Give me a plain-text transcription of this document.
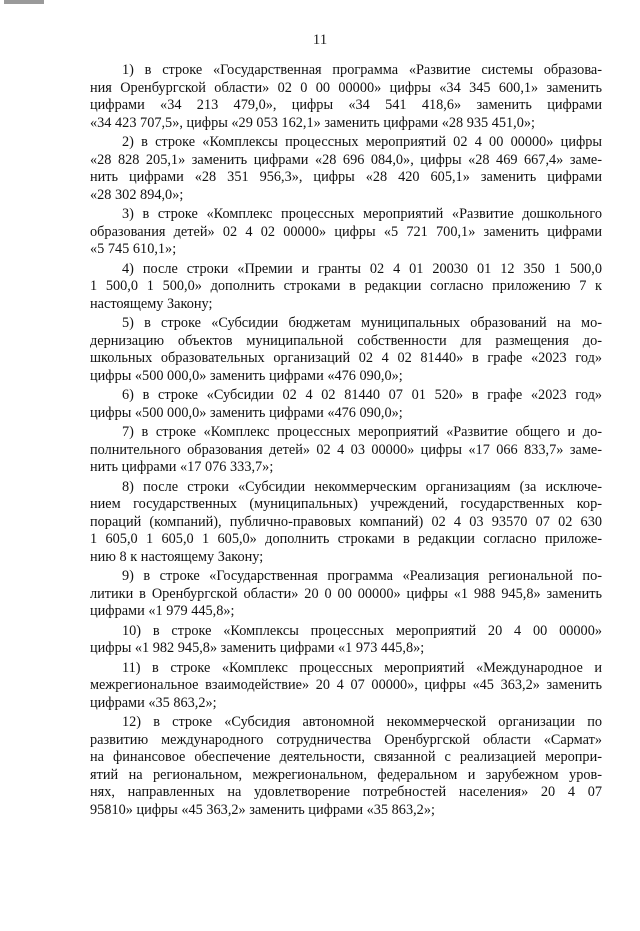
11
1) в строке «Государственная программа «Развитие системы образова-
ния Оренбургской области» 02 0 00 00000» цифры «34 345 600,1» заменить
цифрами «34 213 479,0», цифры «34 541 418,6» заменить цифрами
«34 423 707,5», цифры «29 053 162,1» заменить цифрами «28 935 451,0»;
2) в строке «Комплексы процессных мероприятий 02 4 00 00000» цифры
«28 828 205,1» заменить цифрами «28 696 084,0», цифры «28 469 667,4» заме-
нить цифрами «28 351 956,3», цифры «28 420 605,1» заменить цифрами
«28 302 894,0»;
3) в строке «Комплекс процессных мероприятий «Развитие дошкольного
образования детей» 02 4 02 00000» цифры «5 721 700,1» заменить цифрами
«5 745 610,1»;
4) после строки «Премии и гранты 02 4 01 20030 01 12 350 1 500,0
1 500,0 1 500,0» дополнить строками в редакции согласно приложению 7 к
настоящему Закону;
5) в строке «Субсидии бюджетам муниципальных образований на мо-
дернизацию объектов муниципальной собственности для размещения до-
школьных образовательных организаций 02 4 02 81440» в графе «2023 год»
цифры «500 000,0» заменить цифрами «476 090,0»;
6) в строке «Субсидии 02 4 02 81440 07 01 520» в графе «2023 год»
цифры «500 000,0» заменить цифрами «476 090,0»;
7) в строке «Комплекс процессных мероприятий «Развитие общего и до-
полнительного образования детей» 02 4 03 00000» цифры «17 066 833,7» заме-
нить цифрами «17 076 333,7»;
8) после строки «Субсидии некоммерческим организациям (за исключе-
нием государственных (муниципальных) учреждений, государственных кор-
пораций (компаний), публично-правовых компаний) 02 4 03 93570 07 02 630
1 605,0 1 605,0 1 605,0» дополнить строками в редакции согласно приложе-
нию 8 к настоящему Закону;
9) в строке «Государственная программа «Реализация региональной по-
литики в Оренбургской области» 20 0 00 00000» цифры «1 988 945,8» заменить
цифрами «1 979 445,8»;
10) в строке «Комплексы процессных мероприятий 20 4 00 00000»
цифры «1 982 945,8» заменить цифрами «1 973 445,8»;
11) в строке «Комплекс процессных мероприятий «Международное и
межрегиональное взаимодействие» 20 4 07 00000», цифры «45 363,2» заменить
цифрами «35 863,2»;
12) в строке «Субсидия автономной некоммерческой организации по
развитию международного сотрудничества Оренбургской области «Сармат»
на финансовое обеспечение деятельности, связанной с реализацией меропри-
ятий на региональном, межрегиональном, федеральном и зарубежном уров-
нях, направленных на удовлетворение потребностей населения» 20 4 07
95810» цифры «45 363,2» заменить цифрами «35 863,2»;
